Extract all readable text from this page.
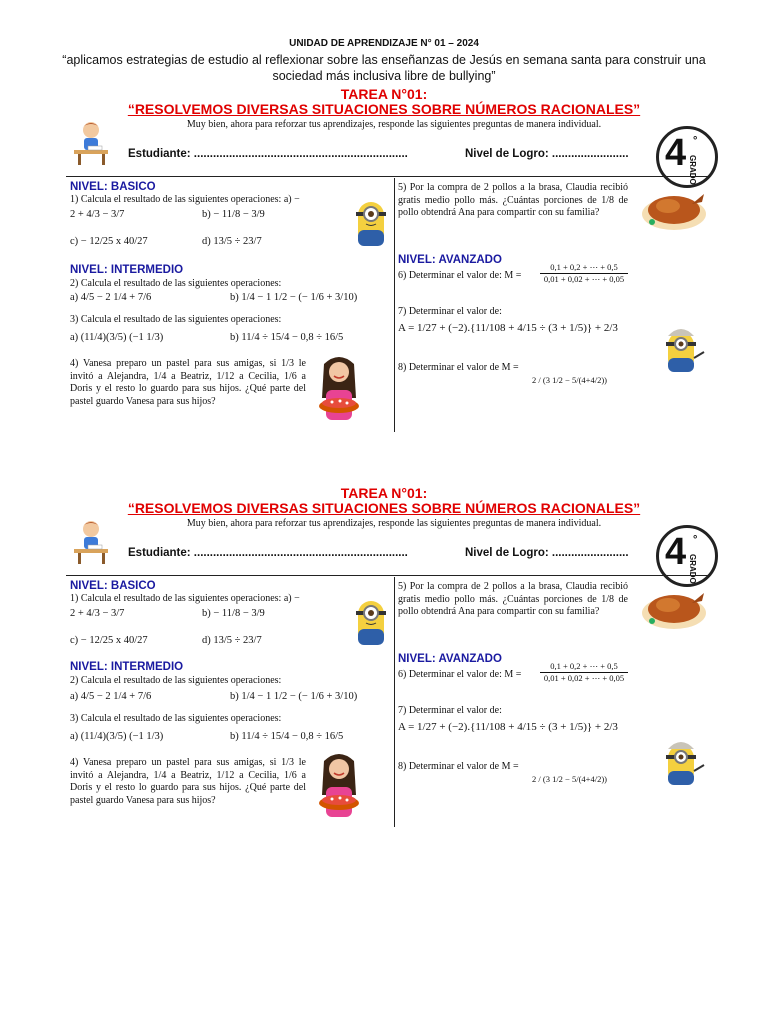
UNIDAD DE APRENDIZAJE N° 01 – 2024
“aplicamos estrategias de estudio al reflexionar sobre las enseñanzas de Jesús en semana santa para construir una sociedad más inclusiva libre de bullying”
TAREA N°01:
“RESOLVEMOS DIVERSAS SITUACIONES SOBRE NÚMEROS RACIONALES”
Muy bien, ahora para reforzar tus aprendizajes, responde las siguientes preguntas de manera individual.
Estudiante: ...................................................................	Nivel de Logro: ........................ 4 °
GRADO
NIVEL: BASICO
1) Calcula el resultado de las siguientes operaciones: a) −
2 + 4/3 − 3/7	b) − 11/8 − 3/9
c) − 12/25 x 40/27	d) 13/5 ÷ 23/7
NIVEL: INTERMEDIO
2) Calcula el resultado de las siguientes operaciones:
a) 4/5 − 2 1/4 + 7/6	b) 1/4 − 1 1/2 − (− 1/6 + 3/10)
3) Calcula el resultado de las siguientes operaciones:
a) (11/4)(3/5) (−1 1/3)	b) 11/4 ÷ 15/4 − 0,8 ÷ 16/5
4) Vanesa preparo un pastel para sus amigas, si 1/3 le invitó a Alejandra, 1/4 a Beatriz, 1/12 a Cecilia, 1/6 a Doris y el resto lo guardo para sus hijos. ¿Qué parte del pastel guardo Vanesa para sus hijos?
5) Por la compra de 2 pollos a la brasa, Claudia recibió gratis medio pollo más. ¿Cuántas porciones de 1/8 de pollo obtendrá Ana para compartir con su familia?
NIVEL: AVANZADO
6) Determinar el valor de: M =	$\frac{0,1 + 0,2 + \cdots + 0,5}{0,01 + 0,02 + \cdots + 0,05}$
7) Determinar el valor de:
A = 1/27 + (−2).{11/108 + 4/15 ÷ (3 + 1/5)} + 2/3
8) Determinar el valor de M =
2 / (3 1/2 − 5/(4+4/2))
TAREA N°01:
“RESOLVEMOS DIVERSAS SITUACIONES SOBRE NÚMEROS RACIONALES”
Muy bien, ahora para reforzar tus aprendizajes, responde las siguientes preguntas de manera individual.
Estudiante: ...................................................................	Nivel de Logro: ........................ 4 °
GRADO
NIVEL: BASICO
1) Calcula el resultado de las siguientes operaciones: a) −
2 + 4/3 − 3/7	b) − 11/8 − 3/9
c) − 12/25 x 40/27	d) 13/5 ÷ 23/7
NIVEL: INTERMEDIO
2) Calcula el resultado de las siguientes operaciones:
a) 4/5 − 2 1/4 + 7/6	b) 1/4 − 1 1/2 − (− 1/6 + 3/10)
3) Calcula el resultado de las siguientes operaciones:
a) (11/4)(3/5) (−1 1/3)	b) 11/4 ÷ 15/4 − 0,8 ÷ 16/5
4) Vanesa preparo un pastel para sus amigas, si 1/3 le invitó a Alejandra, 1/4 a Beatriz, 1/12 a Cecilia, 1/6 a Doris y el resto lo guardo para sus hijos. ¿Qué parte del pastel guardo Vanesa para sus hijos?
5) Por la compra de 2 pollos a la brasa, Claudia recibió gratis medio pollo más. ¿Cuántas porciones de 1/8 de pollo obtendrá Ana para compartir con su familia?
NIVEL: AVANZADO
6) Determinar el valor de: M =	$\frac{0,1 + 0,2 + \cdots + 0,5}{0,01 + 0,02 + \cdots + 0,05}$
7) Determinar el valor de:
A = 1/27 + (−2).{11/108 + 4/15 ÷ (3 + 1/5)} + 2/3
8) Determinar el valor de M =
2 / (3 1/2 − 5/(4+4/2))
